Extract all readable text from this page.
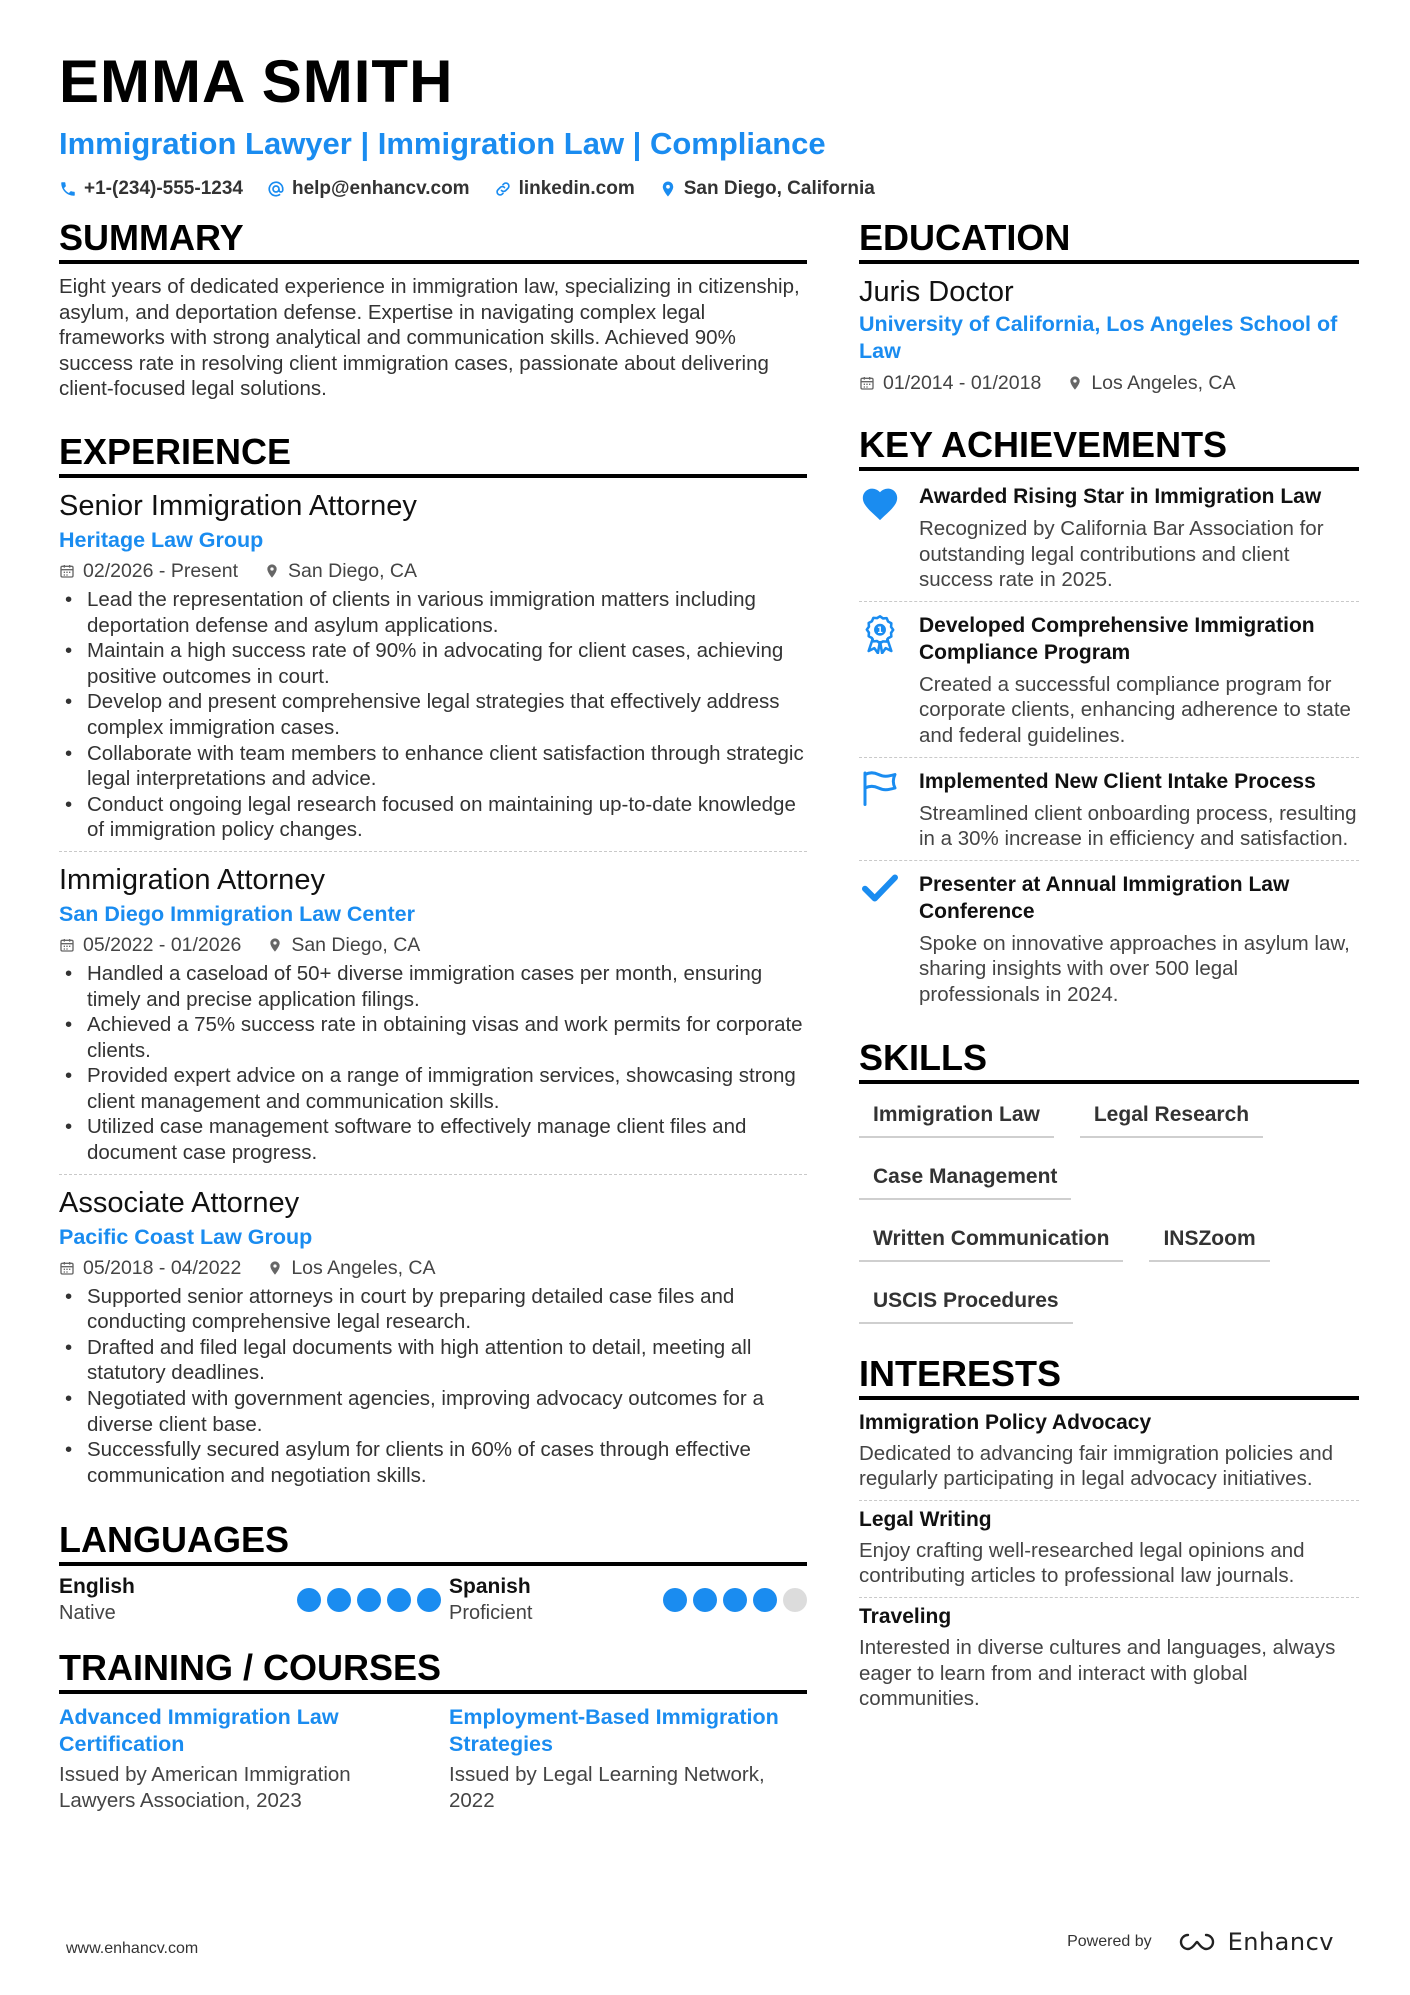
EMMA SMITH
Immigration Lawyer | Immigration Law | Compliance
+1-(234)-555-1234	help@enhancv.com	linkedin.com	San Diego, California
SUMMARY

Eight years of dedicated experience in immigration law, specializing in citizenship, asylum, and deportation defense. Expertise in navigating complex legal frameworks with strong analytical and communication skills. Achieved 90% success rate in resolving client immigration cases, passionate about delivering client-focused legal solutions.

EXPERIENCE
Senior Immigration Attorney
Heritage Law Group
02/2026 - Present	San Diego, CA
• Lead the representation of clients in various immigration matters including deportation defense and asylum applications.
• Maintain a high success rate of 90% in advocating for client cases, achieving positive outcomes in court.
• Develop and present comprehensive legal strategies that effectively address complex immigration cases.
• Collaborate with team members to enhance client satisfaction through strategic legal interpretations and advice.
• Conduct ongoing legal research focused on maintaining up-to-date knowledge of immigration policy changes.
Immigration Attorney
San Diego Immigration Law Center
05/2022 - 01/2026	San Diego, CA
• Handled a caseload of 50+ diverse immigration cases per month, ensuring timely and precise application filings.
• Achieved a 75% success rate in obtaining visas and work permits for corporate clients.
• Provided expert advice on a range of immigration services, showcasing strong client management and communication skills.
• Utilized case management software to effectively manage client files and document case progress.
Associate Attorney
Pacific Coast Law Group
05/2018 - 04/2022	Los Angeles, CA
• Supported senior attorneys in court by preparing detailed case files and conducting comprehensive legal research.
• Drafted and filed legal documents with high attention to detail, meeting all statutory deadlines.
• Negotiated with government agencies, improving advocacy outcomes for a diverse client base.
• Successfully secured asylum for clients in 60% of cases through effective communication and negotiation skills.
LANGUAGES
English
Native
Spanish
Proficient
TRAINING / COURSES
Advanced Immigration Law Certification
Issued by American Immigration Lawyers Association, 2023
Employment-Based Immigration Strategies
Issued by Legal Learning Network, 2022
EDUCATION
Juris Doctor
University of California, Los Angeles School of Law
01/2014 - 01/2018	Los Angeles, CA
KEY ACHIEVEMENTS
Awarded Rising Star in Immigration Law
Recognized by California Bar Association for outstanding legal contributions and client success rate in 2025.
1 Developed Comprehensive Immigration Compliance Program
Created a successful compliance program for corporate clients, enhancing adherence to state and federal guidelines.
Implemented New Client Intake Process
Streamlined client onboarding process, resulting in a 30% increase in efficiency and satisfaction.
Presenter at Annual Immigration Law Conference
Spoke on innovative approaches in asylum law, sharing insights with over 500 legal professionals in 2024.
SKILLS
Immigration Law	Legal Research
Case Management
Written Communication	INSZoom
USCIS Procedures
INTERESTS
Immigration Policy Advocacy
Dedicated to advancing fair immigration policies and regularly participating in legal advocacy initiatives.
Legal Writing
Enjoy crafting well-researched legal opinions and contributing articles to professional law journals.
Traveling
Interested in diverse cultures and languages, always eager to learn from and interact with global communities.
www.enhancv.com	Powered by	Enhancv
